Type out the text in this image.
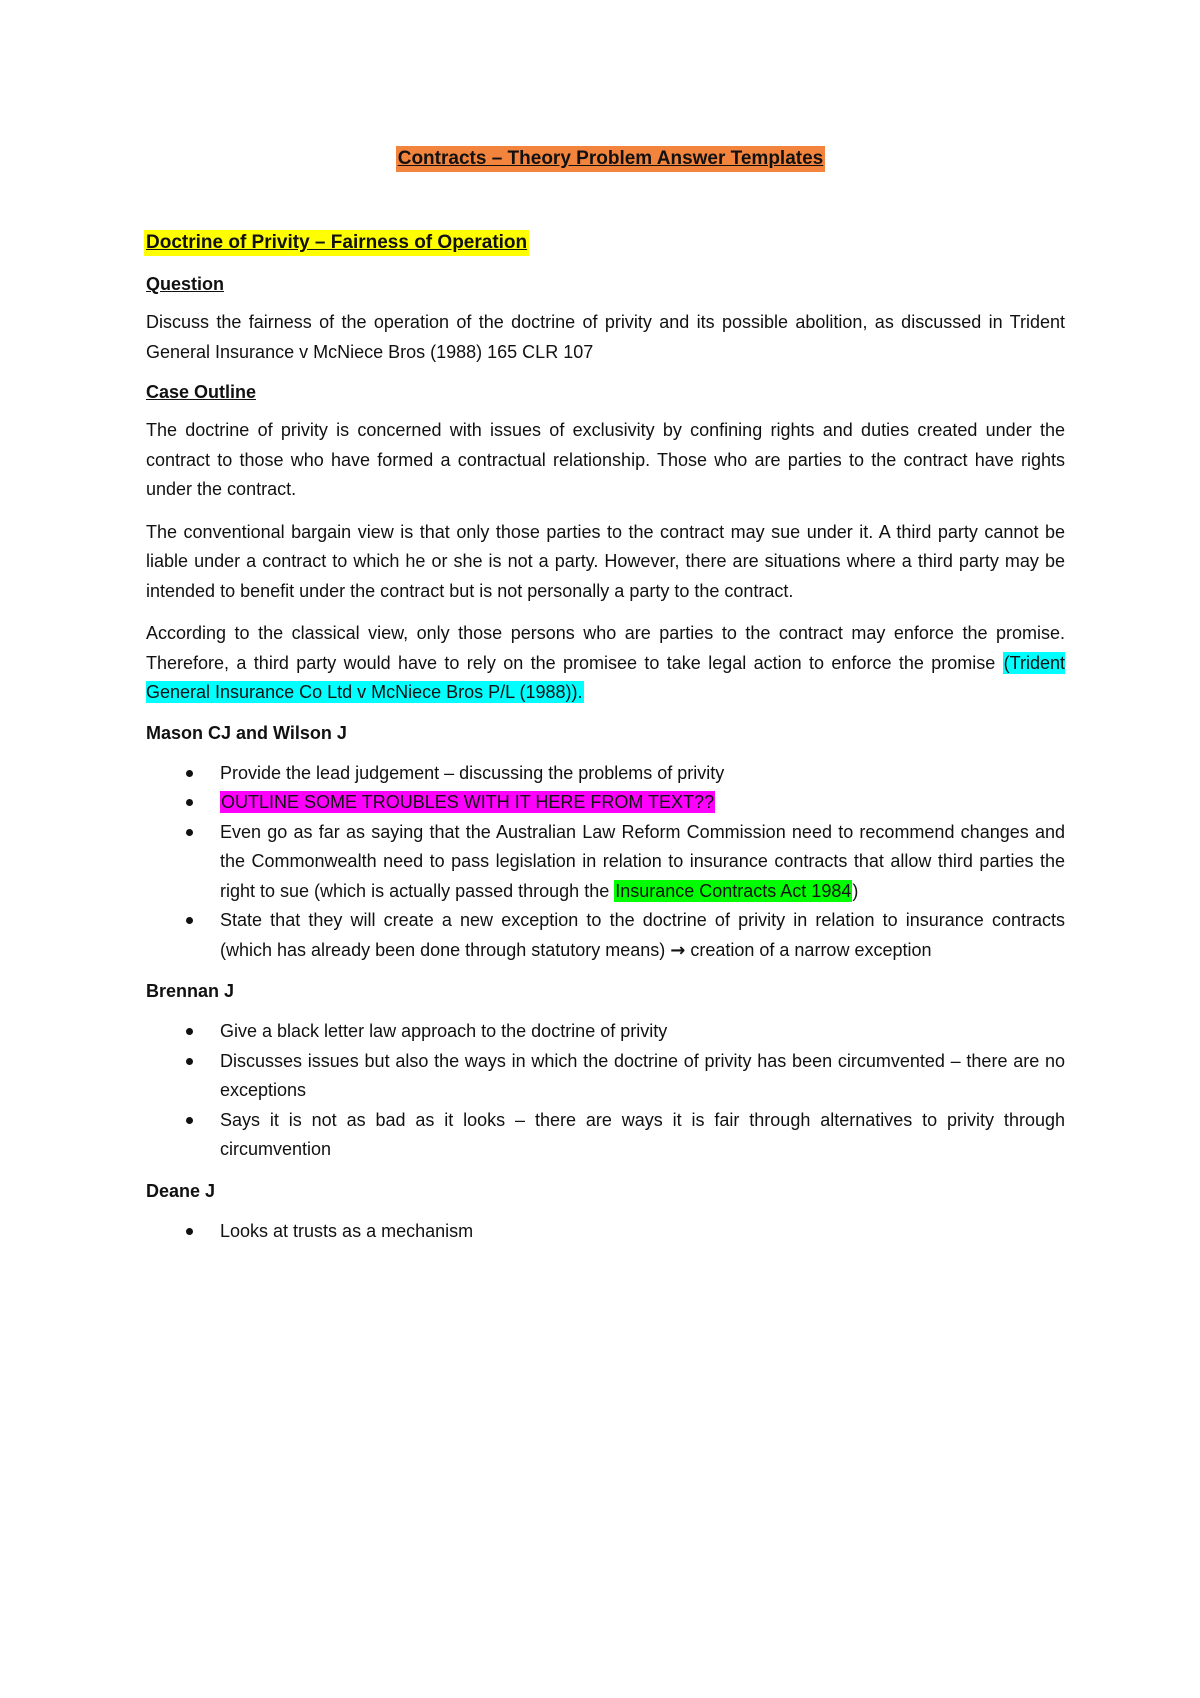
Contracts – Theory Problem Answer Templates
Doctrine of Privity – Fairness of Operation
Question

Discuss the fairness of the operation of the doctrine of privity and its possible abolition, as discussed in Trident General Insurance v McNiece Bros (1988) 165 CLR 107

Case Outline

The doctrine of privity is concerned with issues of exclusivity by confining rights and duties created under the contract to those who have formed a contractual relationship. Those who are parties to the contract have rights under the contract.

The conventional bargain view is that only those parties to the contract may sue under it. A third party cannot be liable under a contract to which he or she is not a party. However, there are situations where a third party may be intended to benefit under the contract but is not personally a party to the contract.

According to the classical view, only those persons who are parties to the contract may enforce the promise. Therefore, a third party would have to rely on the promisee to take legal action to enforce the promise (Trident General Insurance Co Ltd v McNiece Bros P/L (1988)).

Mason CJ and Wilson J
Provide the lead judgement – discussing the problems of privity
OUTLINE SOME TROUBLES WITH IT HERE FROM TEXT??
Even go as far as saying that the Australian Law Reform Commission need to recommend changes and the Commonwealth need to pass legislation in relation to insurance contracts that allow third parties the right to sue (which is actually passed through the Insurance Contracts Act 1984)
State that they will create a new exception to the doctrine of privity in relation to insurance contracts (which has already been done through statutory means) → creation of a narrow exception
Brennan J
Give a black letter law approach to the doctrine of privity
Discusses issues but also the ways in which the doctrine of privity has been circumvented – there are no exceptions
Says it is not as bad as it looks – there are ways it is fair through alternatives to privity through circumvention
Deane J
Looks at trusts as a mechanism
